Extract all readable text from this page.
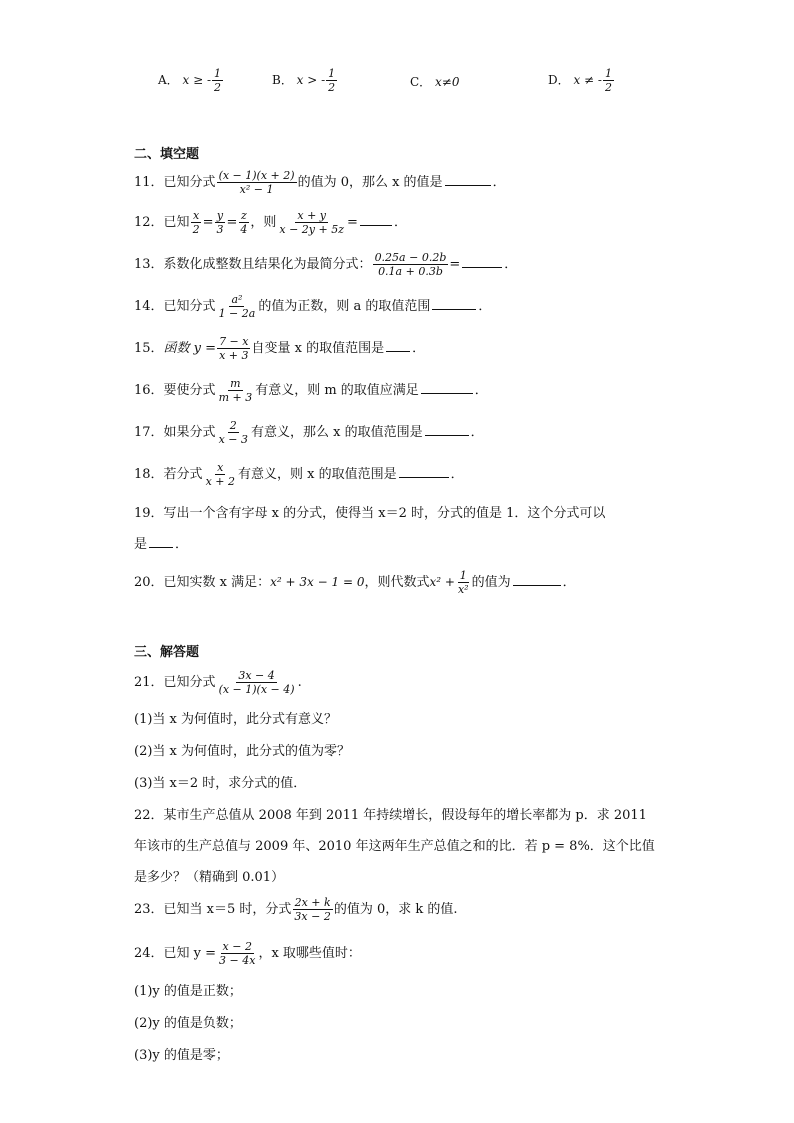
A． x ≥ - $\frac{1}{2}$	B． x > - $\frac{1}{2}$	C． x≠0	D． x ≠ - $\frac{1}{2}$
二、填空题
11．已知分式 $\frac{(x - 1)(x + 2)}{\text{x² − 1}}$ 的值为 0，那么 x 的值是	．
12．已知 $\frac{x}{2} = \frac{y}{3} = \frac{z}{4}$ ，则 $\frac{x + y}{x - 2y + 5z}$ =	．
13．系数化成整数且结果化为最简分式： $\frac{0.25a - 0.2b}{0.1a + 0.3b}$ =	．
14．已知分式 $\frac{\text{a²}}{1 - 2a}$ 的值为正数，则 a 的取值范围	．
15．函数 $y = \frac{7 - x}{x + 3}$ 自变量 x 的取值范围是 ．
16．要使分式 $\frac{m}{m + 3}$ 有意义，则 m 的取值应满足	．
17．如果分式 $\frac{2}{x - 3}$ 有意义，那么 x 的取值范围是	．
18．若分式 $\frac{x}{x + 2}$ 有意义，则 x 的取值范围是	．
19．写出一个含有字母 x 的分式，使得当 x＝2 时，分式的值是 1．这个分式可以
是 ．
20．已知实数 x 满足：x² + 3x − 1 = 0，则代数式$x^2 + \frac{1}{\text{x²}}$ 的值为	．
三、解答题
21．已知分式 $\frac{3x - 4}{(x - 1)(x - 4)}$ .
(1)当 x 为何值时，此分式有意义？
(2)当 x 为何值时，此分式的值为零？
(3)当 x＝2 时，求分式的值．
22．某市生产总值从 2008 年到 2011 年持续增长，假设每年的增长率都为 p．求 2011
年该市的生产总值与 2009 年、2010 年这两年生产总值之和的比．若 p = 8%．这个比值
是多少？（精确到 0.01）
23．已知当 x＝5 时，分式 $\frac{2x + k}{3x - 2}$ 的值为 0，求 k 的值.
24．已知 $y = \frac{x - 2}{3 - 4x}$ ，x 取哪些值时：
(1)y 的值是正数；
(2)y 的值是负数；
(3)y 的值是零；
